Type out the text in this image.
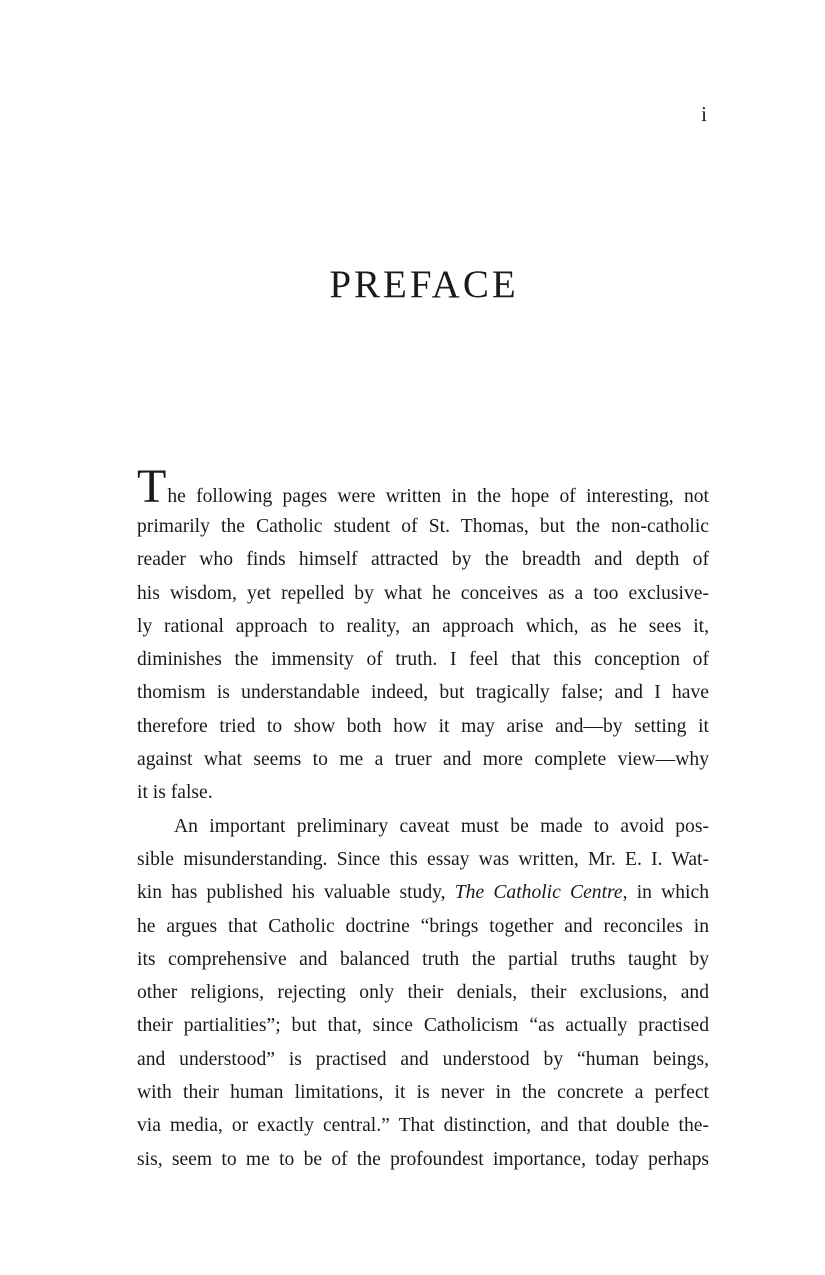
i
PREFACE
The following pages were written in the hope of interesting, not
primarily the Catholic student of St. Thomas, but the non-catholic
reader who finds himself attracted by the breadth and depth of
his wisdom, yet repelled by what he conceives as a too exclusive-
ly rational approach to reality, an approach which, as he sees it,
diminishes the immensity of truth. I feel that this conception of
thomism is understandable indeed, but tragically false; and I have
therefore tried to show both how it may arise and—by setting it
against what seems to me a truer and more complete view—why
it is false.
An important preliminary caveat must be made to avoid pos-
sible misunderstanding. Since this essay was written, Mr. E. I. Wat-
kin has published his valuable study, The Catholic Centre, in which
he argues that Catholic doctrine “brings together and reconciles in
its comprehensive and balanced truth the partial truths taught by
other religions, rejecting only their denials, their exclusions, and
their partialities”; but that, since Catholicism “as actually practised
and understood” is practised and understood by “human beings,
with their human limitations, it is never in the concrete a perfect
via media, or exactly central.” That distinction, and that double the-
sis, seem to me to be of the profoundest importance, today perhaps
